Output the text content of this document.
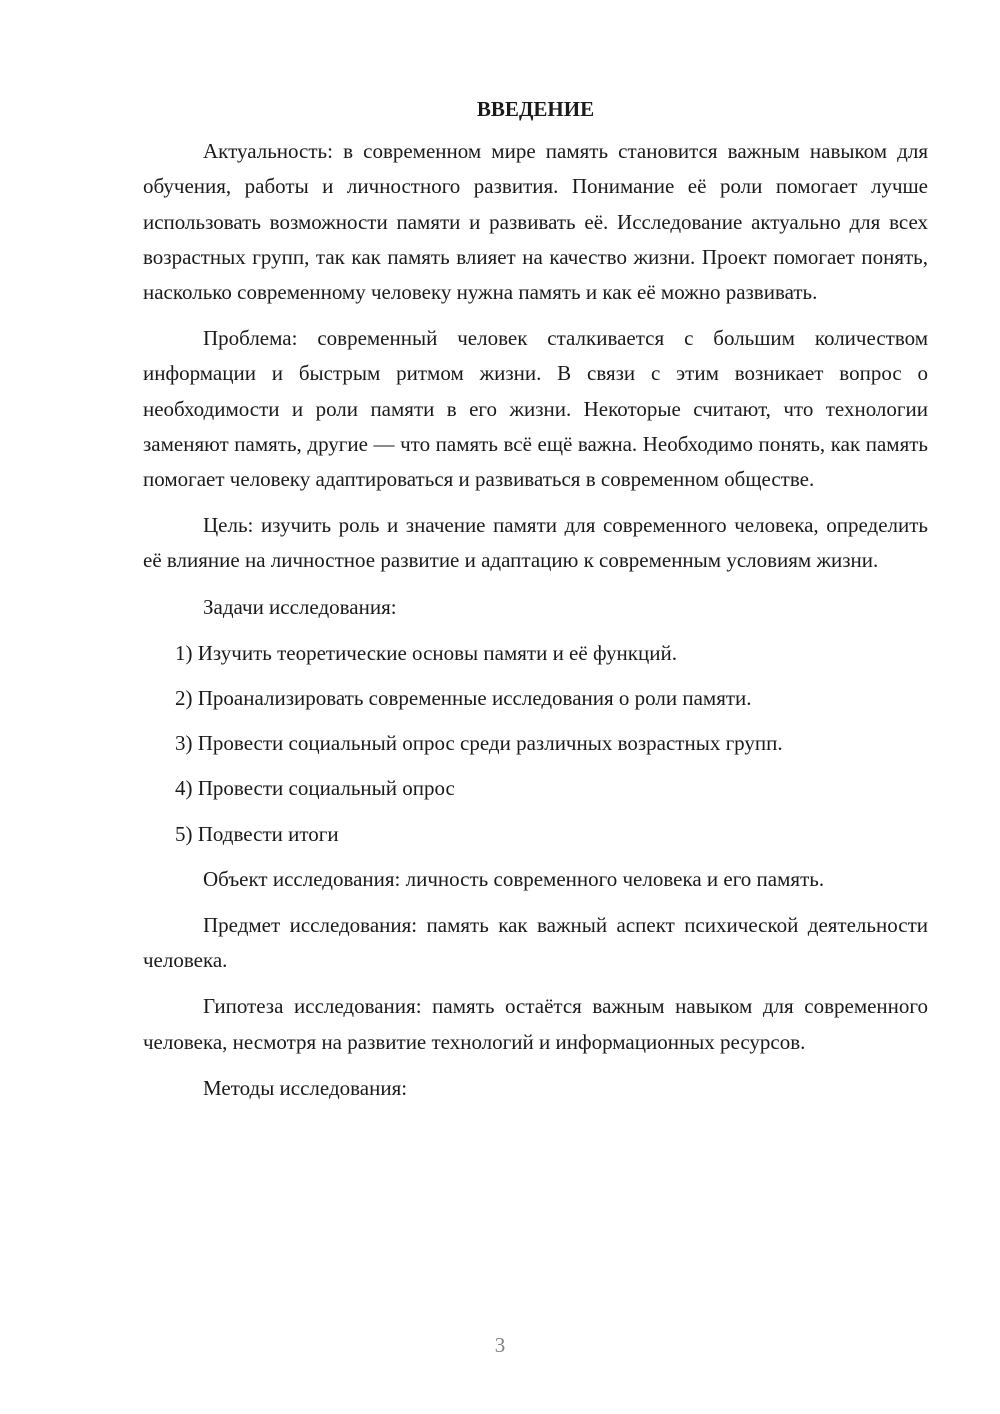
ВВЕДЕНИЕ

Актуальность: в современном мире память становится важным навыком для обучения, работы и личностного развития. Понимание её роли помогает лучше использовать возможности памяти и развивать её. Исследование актуально для всех возрастных групп, так как память влияет на качество жизни. Проект помогает понять, насколько современному человеку нужна память и как её можно развивать.

Проблема: современный человек сталкивается с большим количеством информации и быстрым ритмом жизни. В связи с этим возникает вопрос о необходимости и роли памяти в его жизни. Некоторые считают, что технологии заменяют память, другие — что память всё ещё важна. Необходимо понять, как память помогает человеку адаптироваться и развиваться в современном обществе.

Цель: изучить роль и значение памяти для современного человека, определить её влияние на личностное развитие и адаптацию к современным условиям жизни.

Задачи исследования:

1) Изучить теоретические основы памяти и её функций.
2) Проанализировать современные исследования о роли памяти.
3) Провести социальный опрос среди различных возрастных групп.
4) Провести социальный опрос
5) Подвести итоги

Объект исследования: личность современного человека и его память.

Предмет исследования: память как важный аспект психической деятельности человека.

Гипотеза исследования: память остаётся важным навыком для современного человека, несмотря на развитие технологий и информационных ресурсов.

Методы исследования:

3
